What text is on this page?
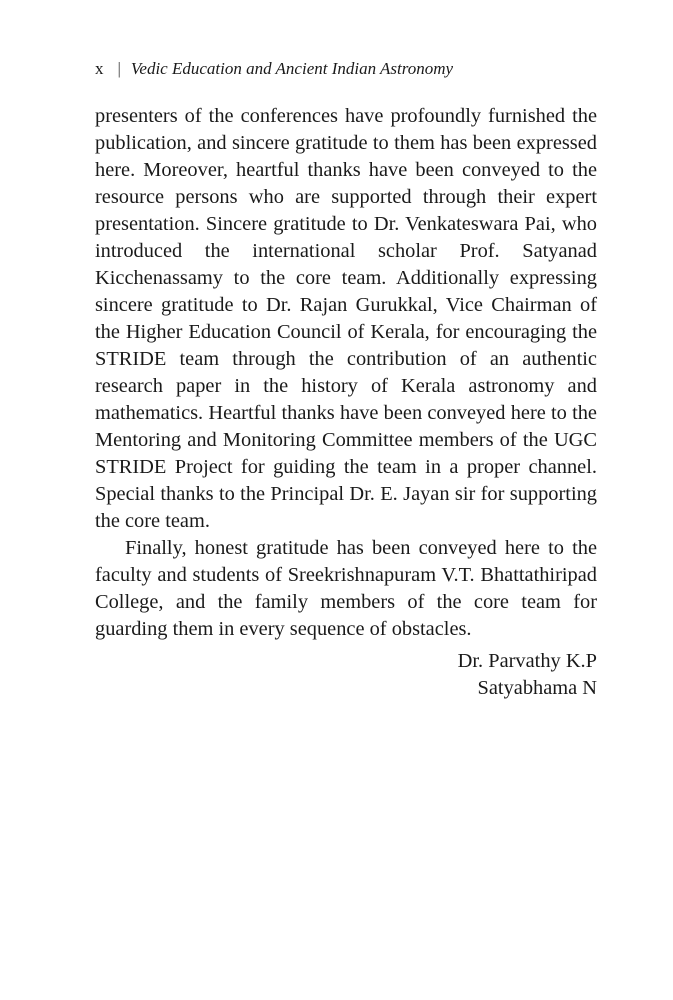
x | Vedic Education and Ancient Indian Astronomy

presenters of the conferences have profoundly furnished the publication, and sincere gratitude to them has been expressed here. Moreover, heartful thanks have been conveyed to the resource persons who are supported through their expert presentation. Sincere gratitude to Dr. Venkateswara Pai, who introduced the international scholar Prof. Satyanad Kicchenassamy to the core team. Additionally expressing sincere gratitude to Dr. Rajan Gurukkal, Vice Chairman of the Higher Education Council of Kerala, for encouraging the STRIDE team through the contribution of an authentic research paper in the history of Kerala astronomy and mathematics. Heartful thanks have been conveyed here to the Mentoring and Monitoring Committee members of the UGC STRIDE Project for guiding the team in a proper channel. Special thanks to the Principal Dr. E. Jayan sir for supporting the core team.

Finally, honest gratitude has been conveyed here to the faculty and students of Sreekrishnapuram V.T. Bhattathiripad College, and the family members of the core team for guarding them in every sequence of obstacles.

Dr. Parvathy K.P
Satyabhama N
